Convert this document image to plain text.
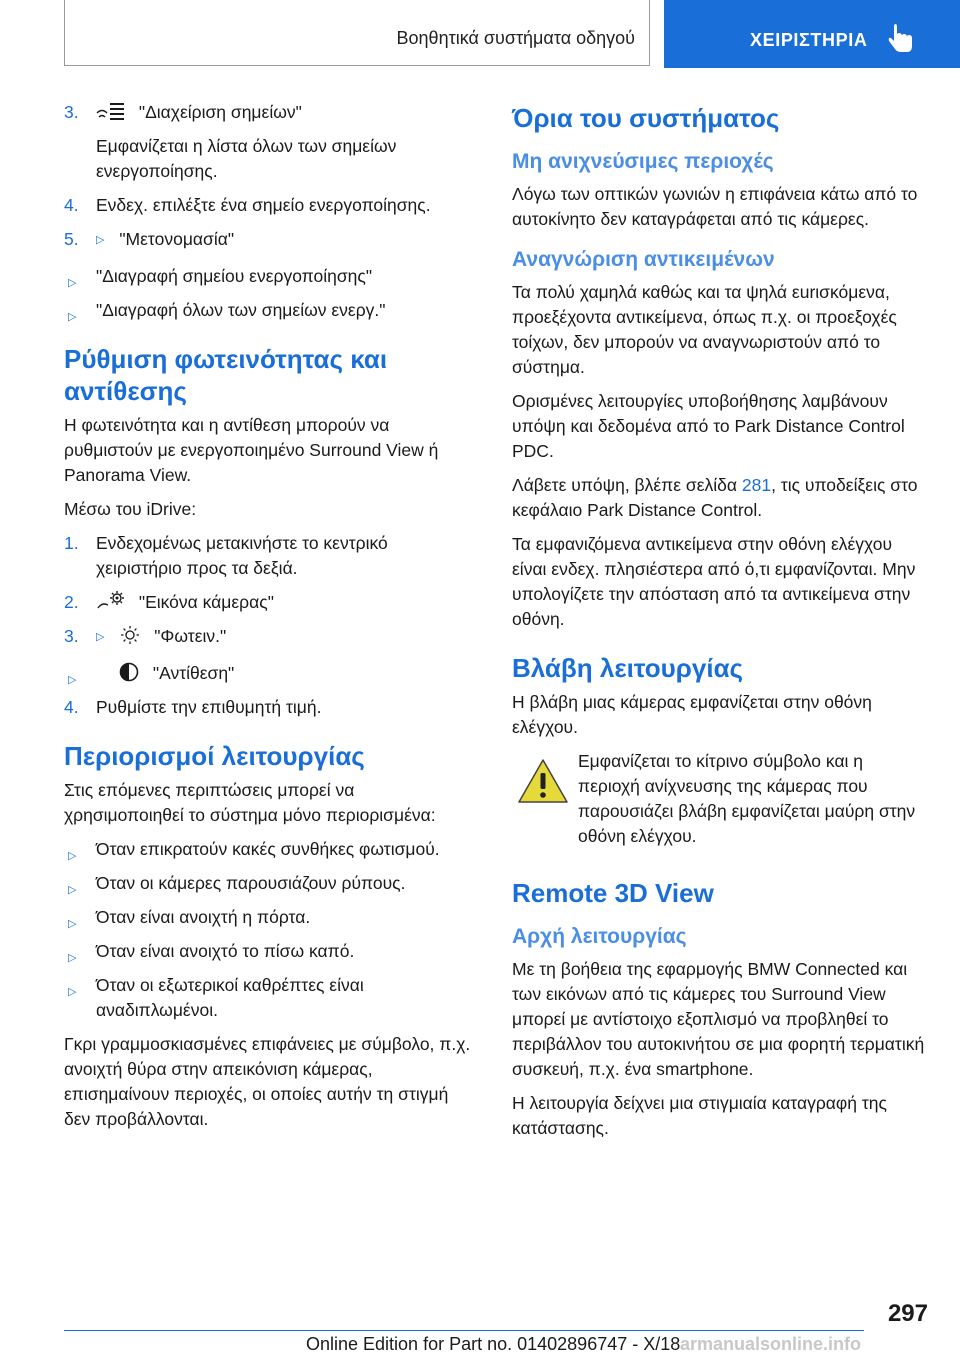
Βοηθητικά συστήματα οδηγού	ΧΕΙΡΙΣΤΗΡΙΑ
3.	"Διαχείριση σημείων"
Εμφανίζεται η λίστα όλων των σημείων ενεργοποίησης.
4. Ενδεχ. επιλέξτε ένα σημείο ενεργοποίησης.
5. ▷ "Μετονομασία"
▷ "Διαγραφή σημείου ενεργοποίησης"
▷ "Διαγραφή όλων των σημείων ενεργ."
Ρύθμιση φωτεινότητας και αντίθεσης

Η φωτεινότητα και η αντίθεση μπορούν να ρυθμιστούν με ενεργοποιημένο Surround View ή Panorama View.

Μέσω του iDrive:

1. Ενδεχομένως μετακινήστε το κεντρικό χειριστήριο προς τα δεξιά.
2.	"Εικόνα κάμερας"
3. ▷	"Φωτειν."
▷	"Αντίθεση"
4. Ρυθμίστε την επιθυμητή τιμή.
Περιορισμοί λειτουργίας

Στις επόμενες περιπτώσεις μπορεί να χρησιμοποιηθεί το σύστημα μόνο περιορισμένα:

▷ Όταν επικρατούν κακές συνθήκες φωτισμού.
▷ Όταν οι κάμερες παρουσιάζουν ρύπους.
▷ Όταν είναι ανοιχτή η πόρτα.
▷ Όταν είναι ανοιχτό το πίσω καπό.
▷ Όταν οι εξωτερικοί καθρέπτες είναι αναδιπλωμένοι.

Γκρι γραμμοσκιασμένες επιφάνειες με σύμβολο, π.χ. ανοιχτή θύρα στην απεικόνιση κάμερας, επισημαίνουν περιοχές, οι οποίες αυτήν τη στιγμή δεν προβάλλονται.

Όρια του συστήματος
Μη ανιχνεύσιμες περιοχές

Λόγω των οπτικών γωνιών η επιφάνεια κάτω από το αυτοκίνητο δεν καταγράφεται από τις κάμερες.

Αναγνώριση αντικειμένων

Τα πολύ χαμηλά καθώς και τα ψηλά εurισκόμενα, προεξέχοντα αντικείμενα, όπως π.χ. οι προεξοχές τοίχων, δεν μπορούν να αναγνωριστούν από το σύστημα.

Ορισμένες λειτουργίες υποβοήθησης λαμβάνουν υπόψη και δεδομένα από το Park Distance Control PDC.

Λάβετε υπόψη, βλέπε σελίδα 281, τις υποδείξεις στο κεφάλαιο Park Distance Control.

Τα εμφανιζόμενα αντικείμενα στην οθόνη ελέγχου είναι ενδεχ. πλησιέστερα από ό,τι εμφανίζονται. Μην υπολογίζετε την απόσταση από τα αντικείμενα στην οθόνη.

Βλάβη λειτουργίας

Η βλάβη μιας κάμερας εμφανίζεται στην οθόνη ελέγχου.

Εμφανίζεται το κίτρινο σύμβολο και η περιοχή ανίχνευσης της κάμερας που παρουσιάζει βλάβη εμφανίζεται μαύρη στην οθόνη ελέγχου.
Remote 3D View
Αρχή λειτουργίας

Με τη βοήθεια της εφαρμογής BMW Connected και των εικόνων από τις κάμερες του Surround View μπορεί με αντίστοιχο εξοπλισμό να προβληθεί το περιβάλλον του αυτοκινήτου σε μια φορητή τερματική συσκευή, π.χ. ένα smartphone.

Η λειτουργία δείχνει μια στιγμιαία καταγραφή της κατάστασης.

297
Online Edition for Part no. 01402896747 - X/18 armanualsonline.info
